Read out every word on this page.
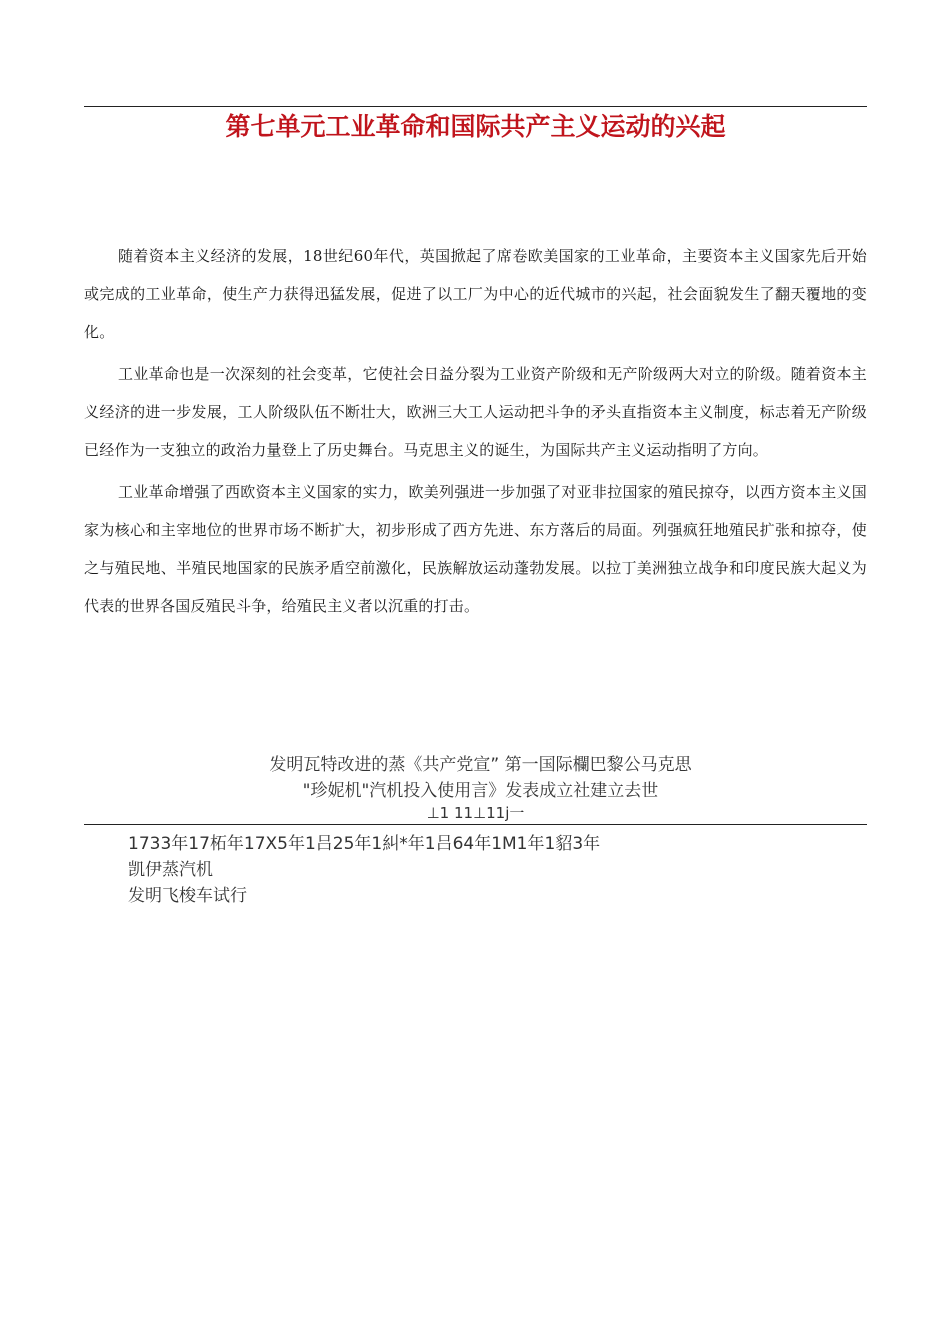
第七单元工业革命和国际共产主义运动的兴起

随着资本主义经济的发展，18世纪60年代，英国掀起了席卷欧美国家的工业革命，主要资本主义国家先后开始或完成的工业革命，使生产力获得迅猛发展，促进了以工厂为中心的近代城市的兴起，社会面貌发生了翻天覆地的变化。

工业革命也是一次深刻的社会变革，它使社会日益分裂为工业资产阶级和无产阶级两大对立的阶级。随着资本主义经济的进一步发展，工人阶级队伍不断壮大，欧洲三大工人运动把斗争的矛头直指资本主义制度，标志着无产阶级已经作为一支独立的政治力量登上了历史舞台。马克思主义的诞生，为国际共产主义运动指明了方向。

工业革命增强了西欧资本主义国家的实力，欧美列强进一步加强了对亚非拉国家的殖民掠夺，以西方资本主义国家为核心和主宰地位的世界市场不断扩大，初步形成了西方先进、东方落后的局面。列强疯狂地殖民扩张和掠夺，使之与殖民地、半殖民地国家的民族矛盾空前激化，民族解放运动蓬勃发展。以拉丁美洲独立战争和印度民族大起义为代表的世界各国反殖民斗争，给殖民主义者以沉重的打击。

发明瓦特改进的蒸《共产党宣” 第一国际欄巴黎公马克思
"珍妮机"汽机投入使用言》发表成立社建立去世
⊥1 11⊥11j一
1733年17柘年17X5年1吕25年1糾*年1吕64年1M1年1貂3年
凯伊蒸汽机
发明飞梭车试行
